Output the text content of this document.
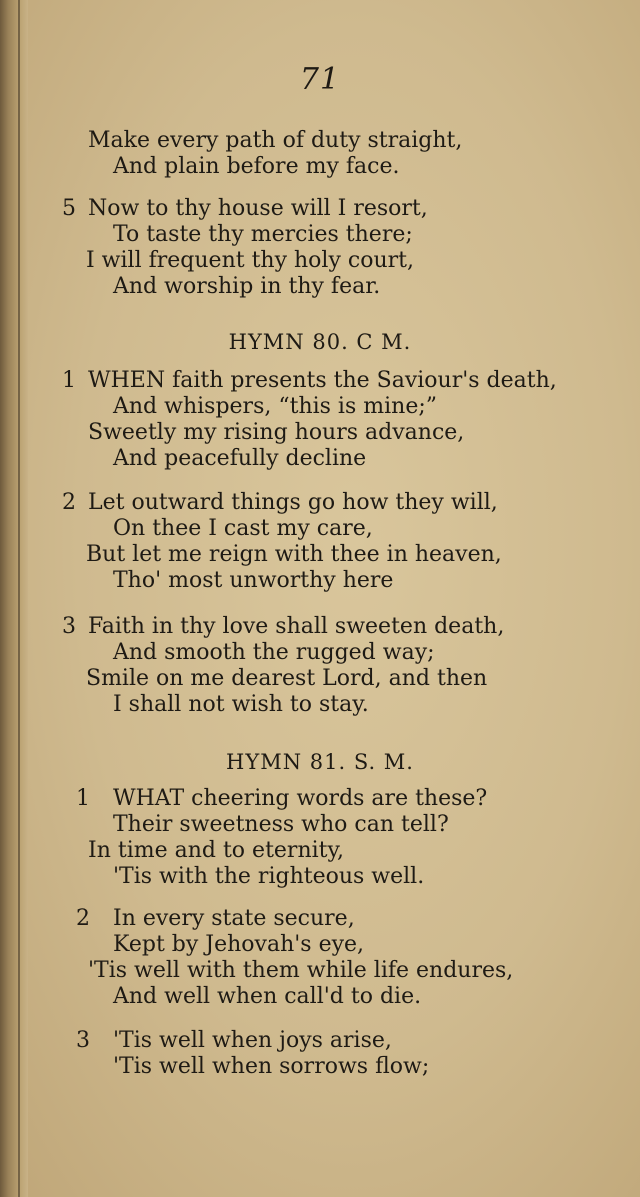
71
Make every path of duty straight,
And plain before my face.
5 Now to thy house will I resort,
To taste thy mercies there;
I will frequent thy holy court,
And worship in thy fear.
HYMN 80. C M.
1 WHEN faith presents the Saviour's death,
And whispers, “this is mine;”
Sweetly my rising hours advance,
And peacefully decline
2 Let outward things go how they will,
On thee I cast my care,
But let me reign with thee in heaven,
Tho' most unworthy here
3 Faith in thy love shall sweeten death,
And smooth the rugged way;
Smile on me dearest Lord, and then
I shall not wish to stay.
HYMN 81. S. M.
1 WHAT cheering words are these?
Their sweetness who can tell?
In time and to eternity,
'Tis with the righteous well.
2 In every state secure,
Kept by Jehovah's eye,
'Tis well with them while life endures,
And well when call'd to die.
3 'Tis well when joys arise,
'Tis well when sorrows flow;
